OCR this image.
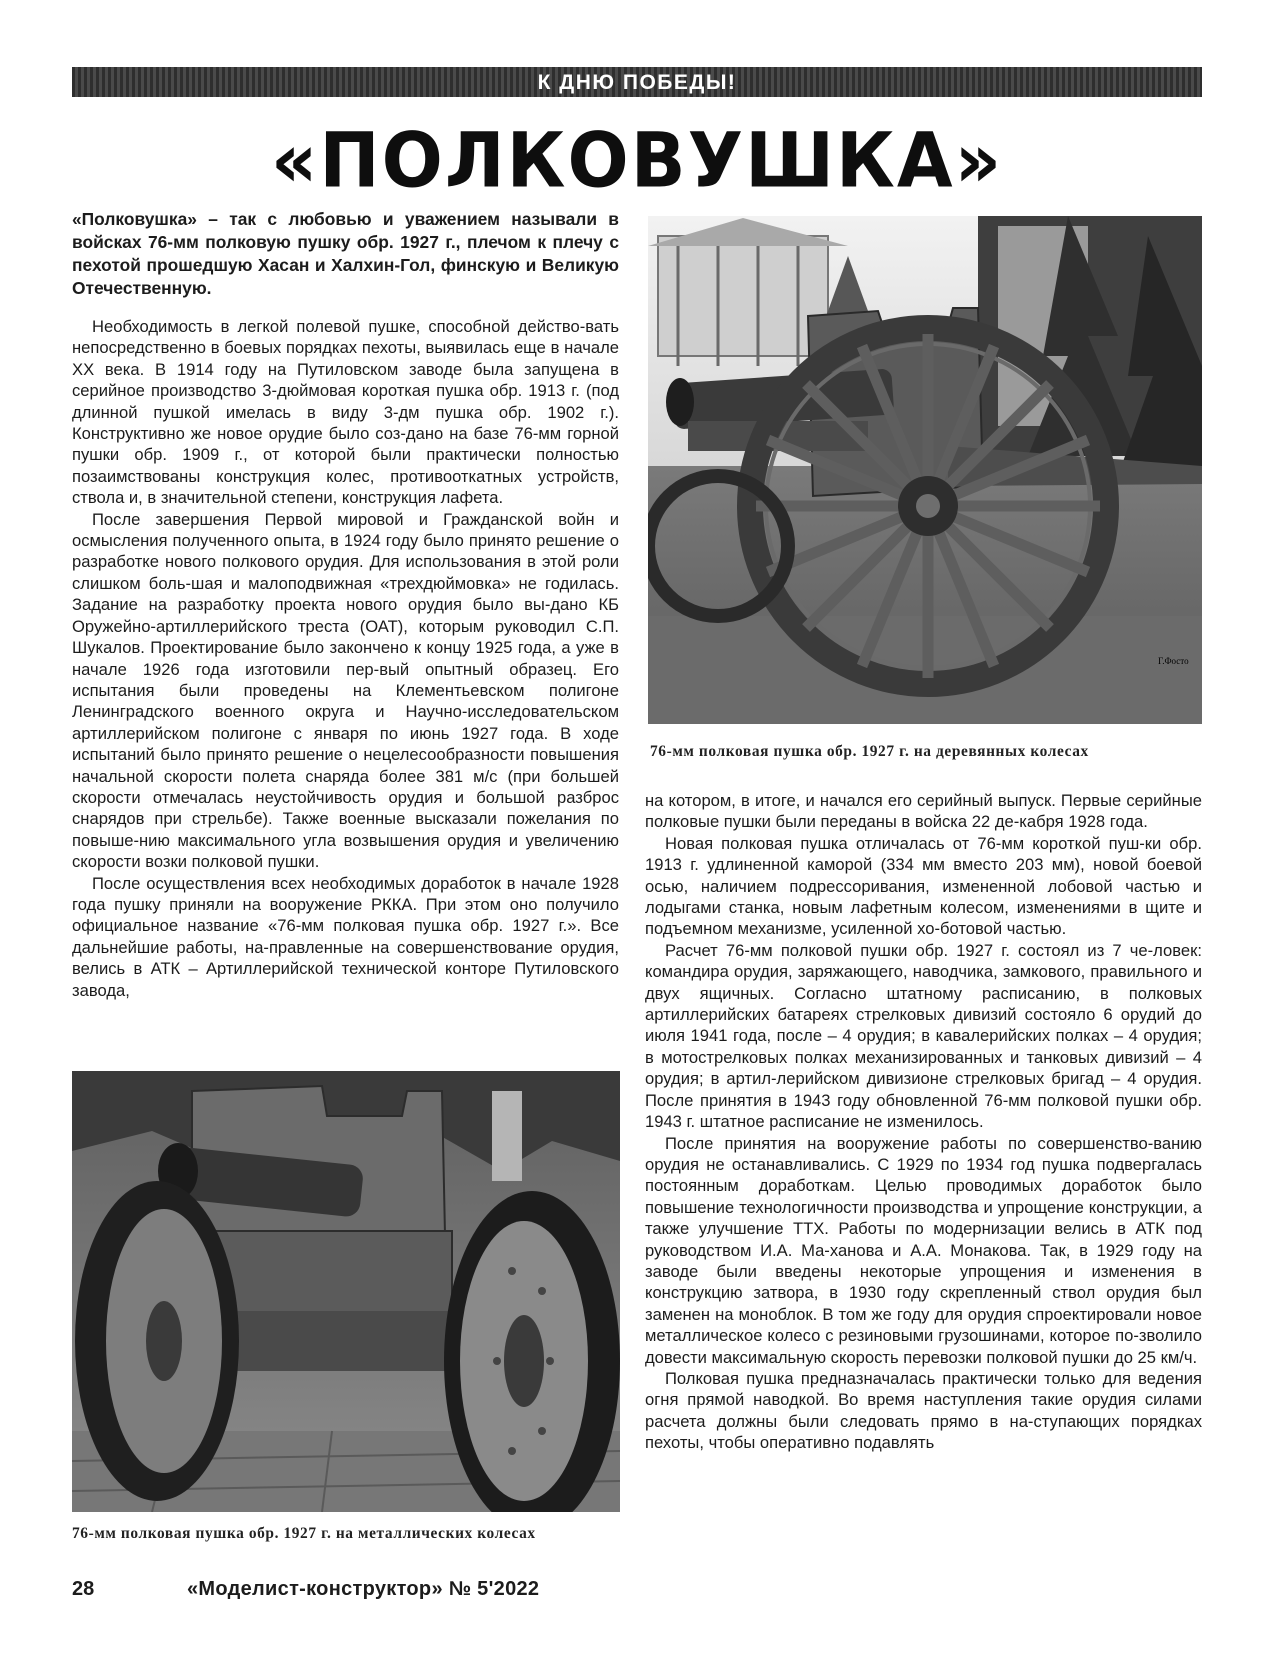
К ДНЮ ПОБЕДЫ!
«ПОЛКОВУШКА»
«Полковушка» – так с любовью и уважением называли в войсках 76-мм полковую пушку обр. 1927 г., плечом к плечу с пехотой прошедшую Хасан и Халхин-Гол, финскую и Великую Отечественную.

Необходимость в легкой полевой пушке, способной действо-вать непосредственно в боевых порядках пехоты, выявилась еще в начале XX века. В 1914 году на Путиловском заводе была запущена в серийное производство 3-дюймовая короткая пушка обр. 1913 г. (под длинной пушкой имелась в виду 3-дм пушка обр. 1902 г.). Конструктивно же новое орудие было соз-дано на базе 76-мм горной пушки обр. 1909 г., от которой были практически полностью позаимствованы конструкция колес, противооткатных устройств, ствола и, в значительной степени, конструкция лафета.

После завершения Первой мировой и Гражданской войн и осмысления полученного опыта, в 1924 году было принято решение о разработке нового полкового орудия. Для использования в этой роли слишком боль-шая и малоподвижная «трехдюймовка» не годилась. Задание на разработку проекта нового орудия было вы-дано КБ Оружейно-артиллерийского треста (ОАТ), которым руководил С.П. Шукалов. Проектирование было закончено к концу 1925 года, а уже в начале 1926 года изготовили пер-вый опытный образец. Его испытания были проведены на Клементьевском полигоне Ленинградского военного округа и Научно-исследовательском артиллерийском полигоне с января по июнь 1927 года. В ходе испытаний было принято решение о нецелесообразности повышения начальной скорости полета снаряда более 381 м/с (при большей скорости отмечалась неустойчивость орудия и большой разброс снарядов при стрельбе). Также военные высказали пожелания по повыше-нию максимального угла возвышения орудия и увеличению скорости возки полковой пушки.

После осуществления всех необходимых доработок в начале 1928 года пушку приняли на вооружение РККА. При этом оно получило официальное название «76-мм полковая пушка обр. 1927 г.». Все дальнейшие работы, на-правленные на совершенствование орудия, велись в АТК – Артиллерийской технической конторе Путиловского завода,

Г.Фосто
76-мм полковая пушка обр. 1927 г. на деревянных колесах
76-мм полковая пушка обр. 1927 г. на металлических колесах

на котором, в итоге, и начался его серийный выпуск. Первые серийные полковые пушки были переданы в войска 22 де-кабря 1928 года.

Новая полковая пушка отличалась от 76-мм короткой пуш-ки обр. 1913 г. удлиненной каморой (334 мм вместо 203 мм), новой боевой осью, наличием подрессоривания, измененной лобовой частью и лодыгами станка, новым лафетным колесом, изменениями в щите и подъемном механизме, усиленной хо-ботовой частью.

Расчет 76-мм полковой пушки обр. 1927 г. состоял из 7 че-ловек: командира орудия, заряжающего, наводчика, замкового, правильного и двух ящичных. Согласно штатному расписанию, в полковых артиллерийских батареях стрелковых дивизий состояло 6 орудий до июля 1941 года, после – 4 орудия; в кавалерийских полках – 4 орудия; в мотострелковых полках механизированных и танковых дивизий – 4 орудия; в артил-лерийском дивизионе стрелковых бригад – 4 орудия. После принятия в 1943 году обновленной 76-мм полковой пушки обр. 1943 г. штатное расписание не изменилось.

После принятия на вооружение работы по совершенство-ванию орудия не останавливались. С 1929 по 1934 год пушка подвергалась постоянным доработкам. Целью проводимых доработок было повышение технологичности производства и упрощение конструкции, а также улучшение ТТХ. Работы по модернизации велись в АТК под руководством И.А. Ма-ханова и А.А. Монакова. Так, в 1929 году на заводе были введены некоторые упрощения и изменения в конструкцию затвора, в 1930 году скрепленный ствол орудия был заменен на моноблок. В том же году для орудия спроектировали новое металлическое колесо с резиновыми грузошинами, которое по-зволило довести максимальную скорость перевозки полковой пушки до 25 км/ч.

Полковая пушка предназначалась практически только для ведения огня прямой наводкой. Во время наступления такие орудия силами расчета должны были следовать прямо в на-ступающих порядках пехоты, чтобы оперативно подавлять

28	«Моделист-конструктор» № 5'2022
